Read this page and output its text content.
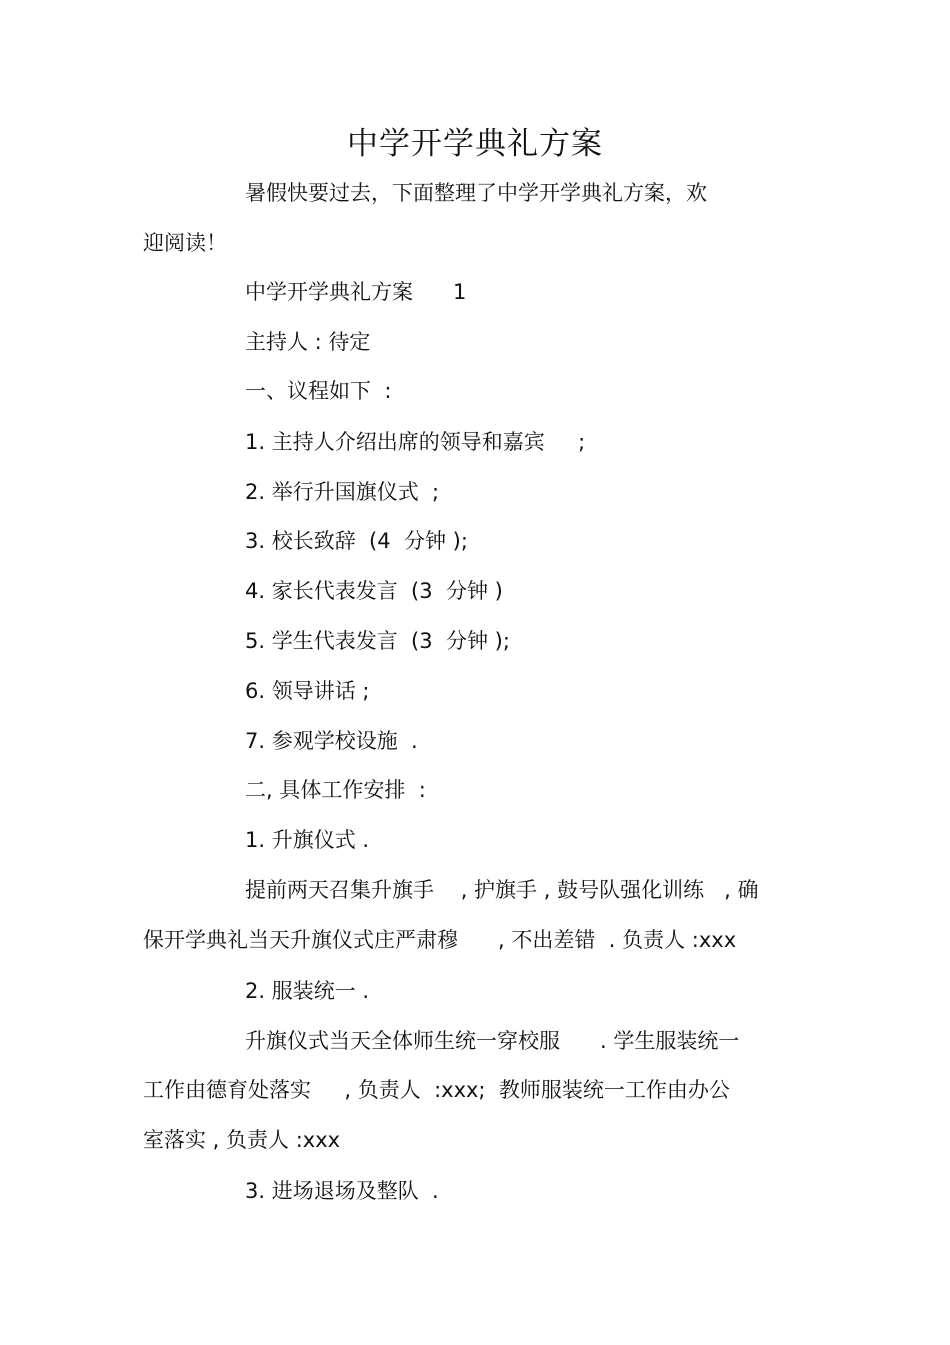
中学开学典礼方案

暑假快要过去，下面整理了中学开学典礼方案，欢

迎阅读！

中学开学典礼方案      1

主持人 : 待定

一、议程如下  :

1. 主持人介绍出席的领导和嘉宾     ;

2. 举行升国旗仪式  ;

3. 校长致辞  (4  分钟 );

4. 家长代表发言  (3  分钟 )

5. 学生代表发言  (3  分钟 );

6. 领导讲话 ;

7. 参观学校设施  .

二, 具体工作安排  :

1. 升旗仪式 .

提前两天召集升旗手    , 护旗手 , 鼓号队强化训练   , 确

保开学典礼当天升旗仪式庄严肃穆      , 不出差错  . 负责人 :xxx

2. 服装统一 .

升旗仪式当天全体师生统一穿校服      . 学生服装统一

工作由德育处落实     , 负责人  :xxx;  教师服装统一工作由办公

室落实 , 负责人 :xxx

3. 进场退场及整队  .
